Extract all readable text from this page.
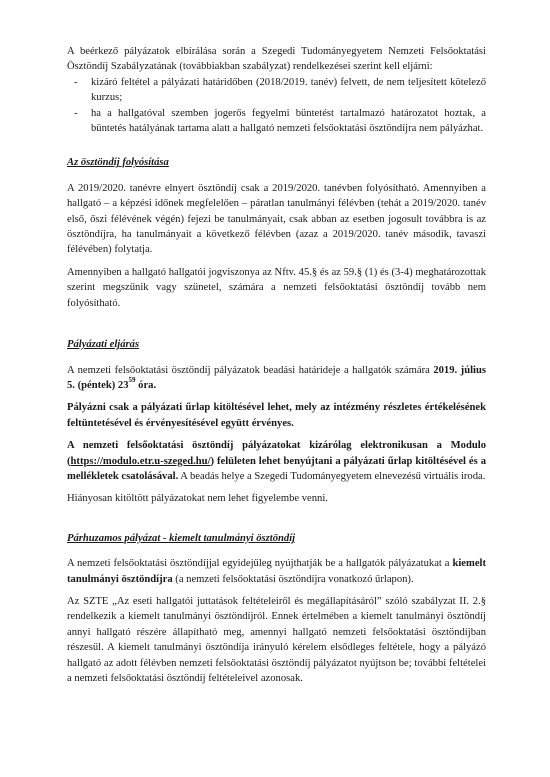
A beérkező pályázatok elbírálása során a Szegedi Tudományegyetem Nemzeti Felsőoktatási Ösztöndíj Szabályzatának (továbbiakban szabályzat) rendelkezései szerint kell eljárni:

- kizáró feltétel a pályázati határidőben (2018/2019. tanév) felvett, de nem teljesített kötelező kurzus;
- ha a hallgatóval szemben jogerős fegyelmi büntetést tartalmazó határozatot hoztak, a büntetés hatályának tartama alatt a hallgató nemzeti felsőoktatási ösztöndíjra nem pályázhat.
Az ösztöndíj folyósítása

A 2019/2020. tanévre elnyert ösztöndíj csak a 2019/2020. tanévben folyósítható. Amennyiben a hallgató – a képzési időnek megfelelően – páratlan tanulmányi félévben (tehát a 2019/2020. tanév első, őszi félévének végén) fejezi be tanulmányait, csak abban az esetben jogosult továbbra is az ösztöndíjra, ha tanulmányait a következő félévben (azaz a 2019/2020. tanév második, tavaszi félévében) folytatja.

Amennyiben a hallgató hallgatói jogviszonya az Nftv. 45.§ és az 59.§ (1) és (3-4) meghatározottak szerint megszűnik vagy szünetel, számára a nemzeti felsőoktatási ösztöndíj tovább nem folyósítható.

Pályázati eljárás

A nemzeti felsőoktatási ösztöndíj pályázatok beadási határideje a hallgatók számára 2019. július 5. (péntek) $23^{59}$ óra.

Pályázni csak a pályázati űrlap kitöltésével lehet, mely az intézmény részletes értékelésének feltüntetésével és érvényesítésével együtt érvényes.

A nemzeti felsőoktatási ösztöndíj pályázatokat kizárólag elektronikusan a Modulo (https://modulo.etr.u-szeged.hu/) felületen lehet benyújtani a pályázati űrlap kitöltésével és a mellékletek csatolásával. A beadás helye a Szegedi Tudományegyetem elnevezésű virtuális iroda.

Hiányosan kitöltött pályázatokat nem lehet figyelembe venni.

Párhuzamos pályázat - kiemelt tanulmányi ösztöndíj

A nemzeti felsőoktatási ösztöndíjjal egyidejűleg nyújthatják be a hallgatók pályázatukat a kiemelt tanulmányi ösztöndíjra (a nemzeti felsőoktatási ösztöndíjra vonatkozó űrlapon).

Az SZTE „Az eseti hallgatói juttatások feltételeiről és megállapításáról” szóló szabályzat II. 2.§ rendelkezik a kiemelt tanulmányi ösztöndíjról. Ennek értelmében a kiemelt tanulmányi ösztöndíj annyi hallgató részére állapítható meg, amennyi hallgató nemzeti felsőoktatási ösztöndíjban részesül. A kiemelt tanulmányi ösztöndíja irányuló kérelem elsődleges feltétele, hogy a pályázó hallgató az adott félévben nemzeti felsőoktatási ösztöndíj pályázatot nyújtson be; további feltételei a nemzeti felsőoktatási ösztöndíj feltételeivel azonosak.
